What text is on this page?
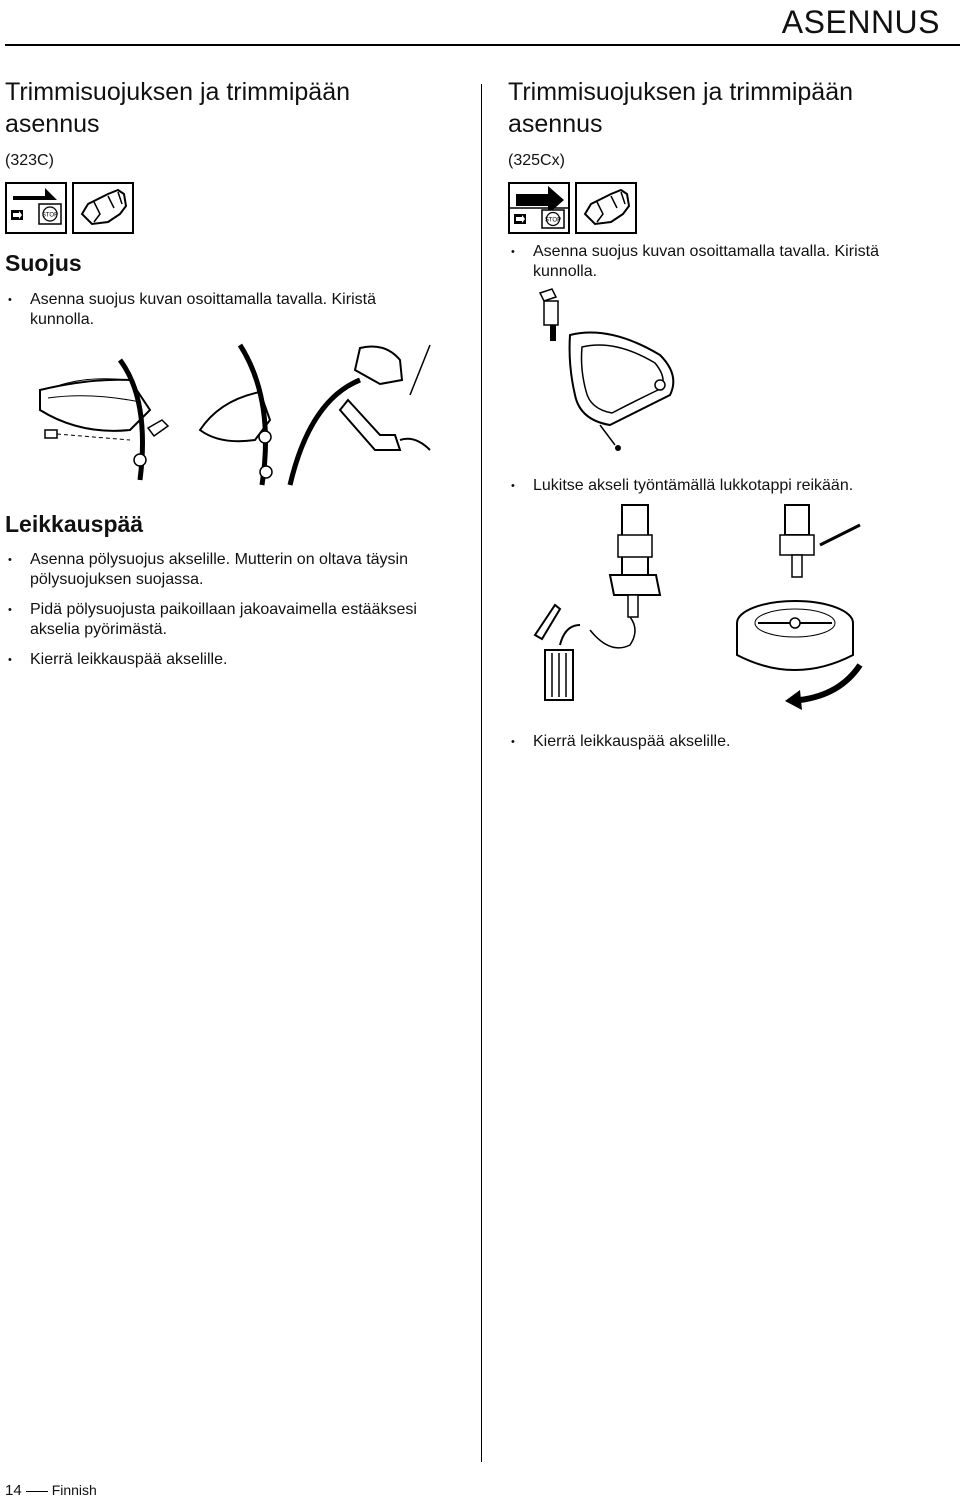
ASENNUS
Trimmisuojuksen ja trimmipään asennus
(323C)
STOP
Suojus
• Asenna suojus kuvan osoittamalla tavalla. Kiristä kunnolla.
Leikkauspää
• Asenna pölysuojus akselille. Mutterin on oltava täysin pölysuojuksen suojassa.
• Pidä pölysuojusta paikoillaan jakoavaimella estääksesi akselia pyörimästä.
• Kierrä leikkauspää akselille.
Trimmisuojuksen ja trimmipään asennus
(325Cx)
STOP
• Asenna suojus kuvan osoittamalla tavalla. Kiristä kunnolla.
• Lukitse akseli työntämällä lukkotappi reikään.
• Kierrä leikkauspää akselille.
14 Finnish
